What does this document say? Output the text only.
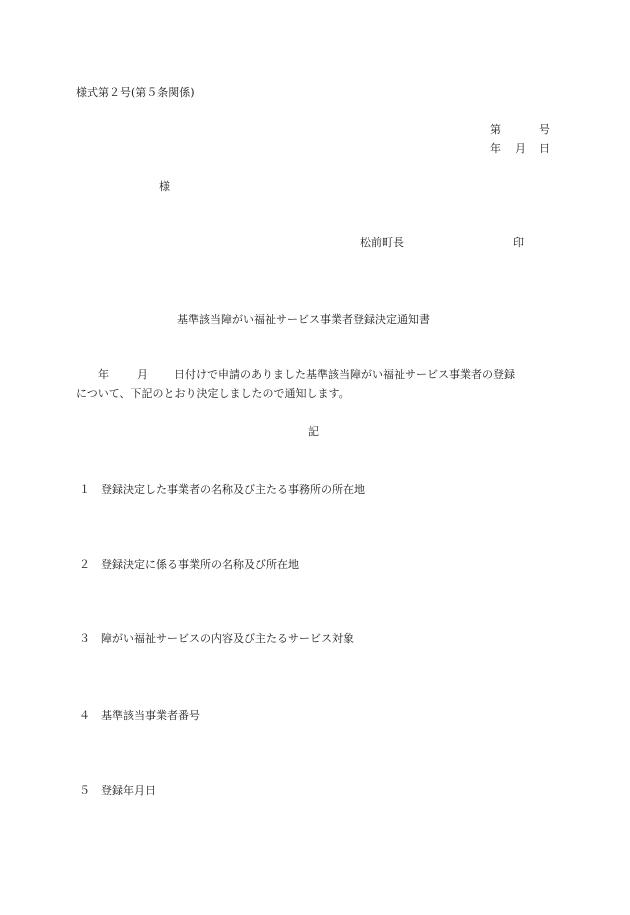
様式第２号(第５条関係)
第	号
年 月 日
様
松前町長	印
基準該当障がい福祉サービス事業者登録決定通知書
年	月 日付けで申請のありました基準該当障がい福祉サービス事業者の登録
について、下記のとおり決定しましたので通知します。
記
１ 登録決定した事業者の名称及び主たる事務所の所在地
２ 登録決定に係る事業所の名称及び所在地
３ 障がい福祉サービスの内容及び主たるサービス対象
４ 基準該当事業者番号
５ 登録年月日
